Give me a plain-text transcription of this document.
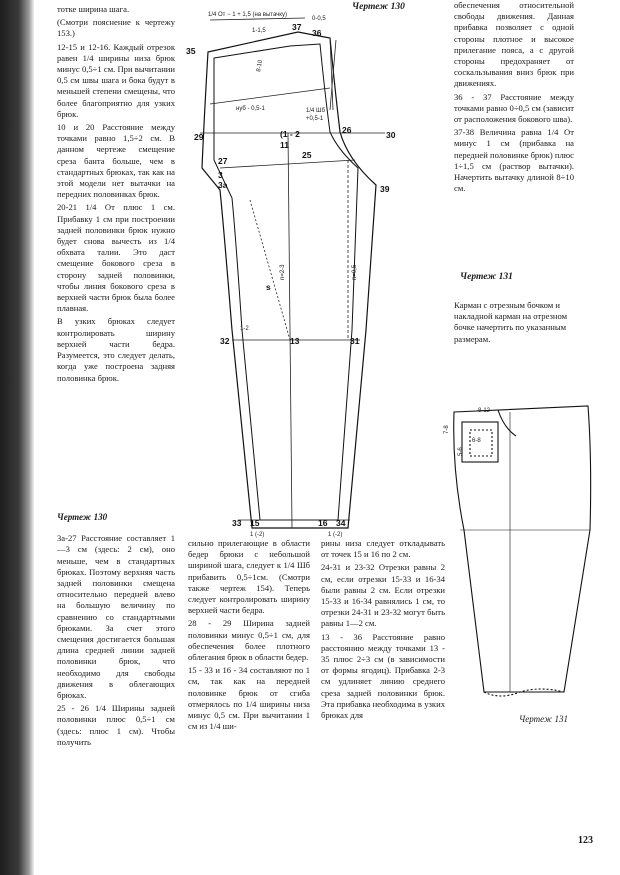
тотке ширина шага.

(Смотри пояснение к чертежу 153.)

12-15 и 12-16. Каждый отрезок равен 1/4 ширины низа брюк минус 0,5÷1 см. При вычитании 0,5 см швы шага и бока будут в меньшей степени смещены, что более благоприятно для узких брюк.

10 и 20 Расстояние между точками равно 1,5÷2 см. В данном чертеже смещение среза банта больше, чем в стандартных брюках, так как на этой модели нет вытачки на передних половинках брюк.

20-21 1/4 От плюс 1 см. Прибавку 1 см при построении задней половинки брюк нужно будет снова вычесть из 1/4 обхвата талии. Это даст смещение бокового среза в сторону задней половинки, чтобы линия бокового среза в верхней части брюк была более плавная.

В узких брюках следует контролировать ширину верхней части бедра. Разумеется, это следует делать, когда уже построена задняя половинка брюк.

Чертеж 130

3a-27 Расстояние составляет 1—3 см (здесь: 2 см), оно меньше, чем в стандартных брюках. Поэтому верхняя часть задней половинки смещена относительно передней влево на большую величину по сравнению со стандартными брюками. За счет этого смещения достигается большая длина средней линии задней половинки брюк, что необходимо для свободы движения в облегающих брюках.

25 - 26 1/4 Ширины задней половинки плюс 0,5÷1 см (здесь: плюс 1 см). Чтобы получить

сильно прилегающие в области бедер брюки с небольшой шириной шага, следует к 1/4 Шб прибавить 0,5÷1см. (Смотри также чертеж 154). Теперь следует контролировать ширину верхней части бедра.

28 - 29 Ширина задней половинки минус 0,5÷1 см, для обеспечения более плотного облегания брюк в области бедер.

15 - 33 и 16 - 34 составляют по 1 см, так как на передней половинке брюк от сгиба отмерялось по 1/4 ширины низа минус 0,5 см. При вычитании 1 см из 1/4 ши-

рины низа следует откладывать от точек 15 и 16 по 2 см.

24-31 и 23-32 Отрезки равны 2 см, если отрезки 15-33 и 16-34 были равны 2 см. Если отрезки 15-33 и 16-34 равнялись 1 см, то отрезки 24-31 и 23-32 могут быть равны 1—2 см.

13 - 36 Расстояние равно расстоянию между точками 13 - 35 плюс 2÷3 см (в зависимости от формы ягодиц). Прибавка 2-3 см удлиняет линию среднего среза задней половинки брюк. Эта прибавка необходима в узких брюках для

обеспечения относительной свободы движения. Данная прибавка позволяет с одной стороны плотное и высокое прилегание пояса, а с другой стороны предохраняет от соскальзывания вниз брюк при движениях.

36 - 37 Расстояние между точками равно 0÷0,5 см (зависит от расположения бокового шва).

37-38 Величина равна 1/4 От минус 1 см (прибавка на передней половинке брюк) плюс 1÷1,5 см (раствор вытачки). Начертить вытачку длиной 8÷10 см.

Чертеж 130
Чертеж 131
Карман с отрезным бочком и накладной карман на отрезном бочке начертить по указанным размерам.
1/4 От − 1 + 1,5 (на вытачку)
35
37
0-0,5
36
1-1,5
8-10
нуб - 0,5-1	1/4 Шб
+0,5-1
26
29	(1 - 2
11
30
27
25
3
3a	39
s
n=2-3	n=0,5
1-2
32	13	31
33 15
1 (-2)
16 34
1 (-2)
8-12
7-8
6-8
5-6
Чертеж 131
123
